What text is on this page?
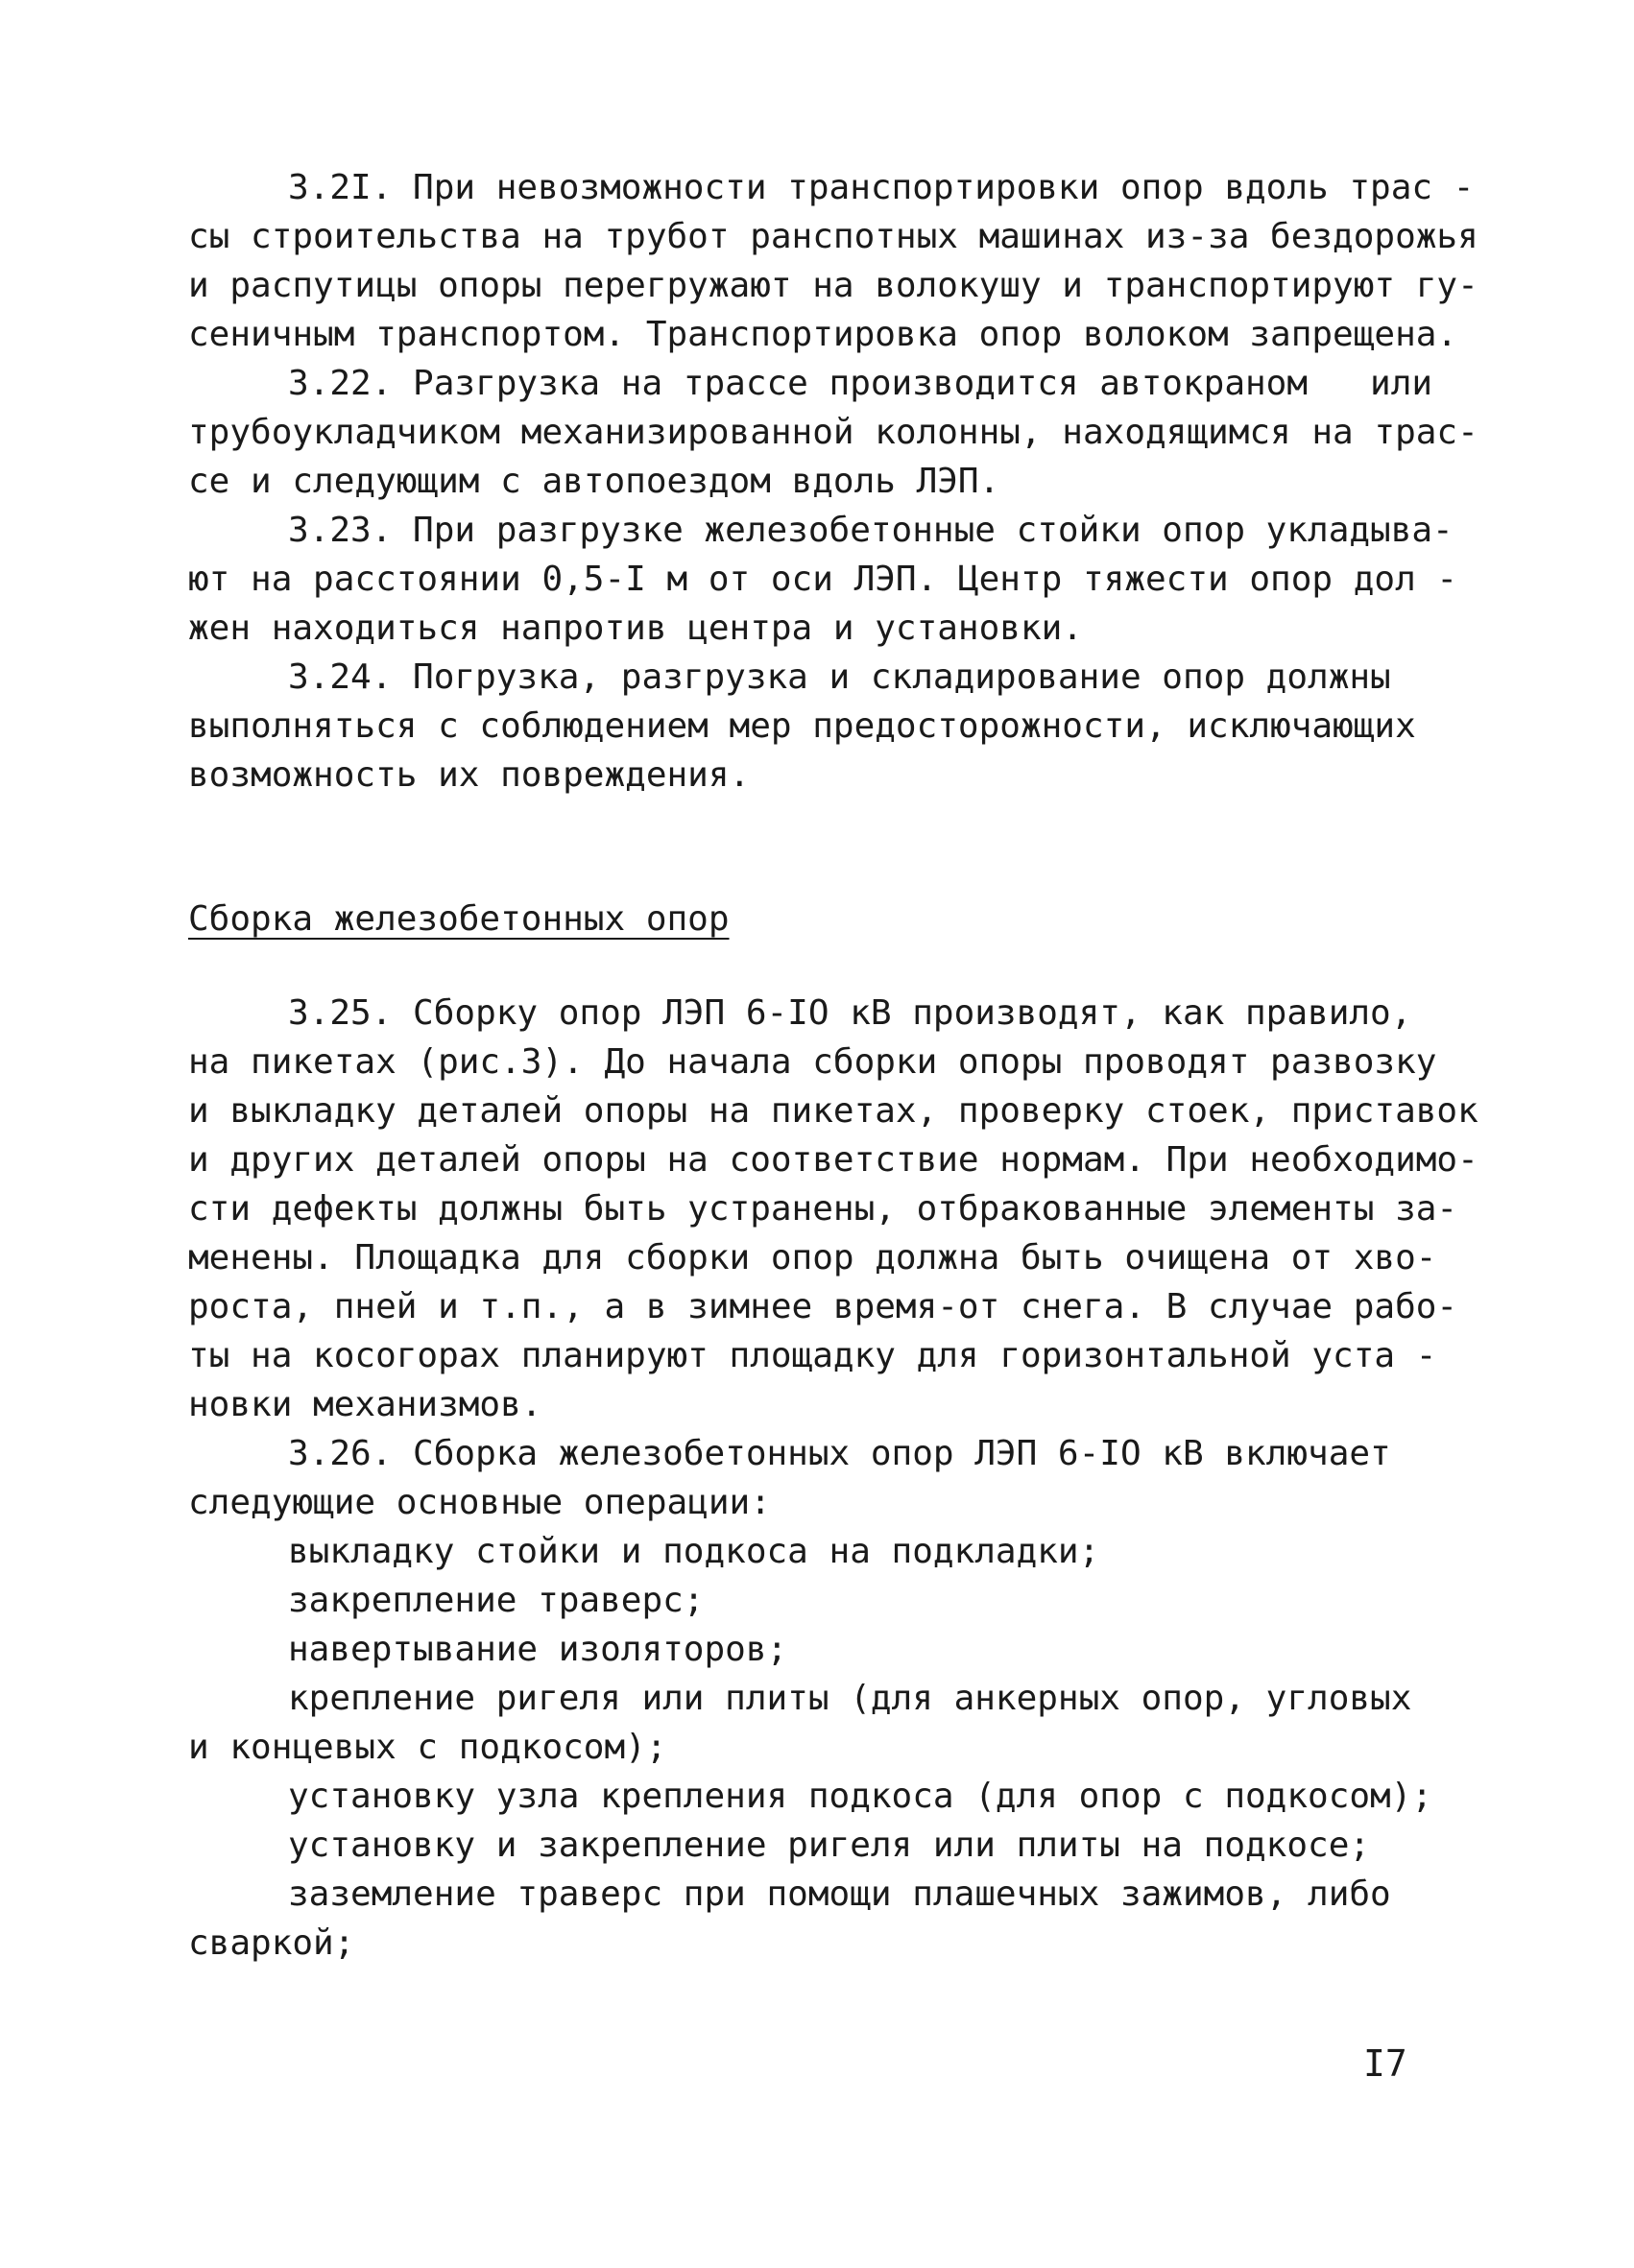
3.2I. При невозможности транспортировки опор вдоль трас -
сы строительства на трубот ранспотных машинах из-за бездорожья
и распутицы опоры перегружают на волокушу и транспортируют гу-
сеничным транспортом. Транспортировка опор волоком запрещена.
3.22. Разгрузка на трассе производится автокраном   или
трубоукладчиком механизированной колонны, находящимся на трас-
се и следующим с автопоездом вдоль ЛЭП.
3.23. При разгрузке железобетонные стойки опор укладыва-
ют на расстоянии 0,5-I м от оси ЛЭП. Центр тяжести опор дол -
жен находиться напротив центра и установки.
3.24. Погрузка, разгрузка и складирование опор должны
выполняться с соблюдением мер предосторожности, исключающих
возможность их повреждения.
Сборка железобетонных опор
3.25. Сборку опор ЛЭП 6-IO кВ производят, как правило,
на пикетах (рис.3). До начала сборки опоры проводят развозку
и выкладку деталей опоры на пикетах, проверку стоек, приставок
и других деталей опоры на соответствие нормам. При необходимо-
сти дефекты должны быть устранены, отбракованные элементы за-
менены. Площадка для сборки опор должна быть очищена от хво-
роста, пней и т.п., а в зимнее время-от снега. В случае рабо-
ты на косогорах планируют площадку для горизонтальной уста -
новки механизмов.
3.26. Сборка железобетонных опор ЛЭП 6-IO кВ включает
следующие основные операции:
выкладку стойки и подкоса на подкладки;
закрепление траверс;
навертывание изоляторов;
крепление ригеля или плиты (для анкерных опор, угловых
и концевых с подкосом);
установку узла крепления подкоса (для опор с подкосом);
установку и закрепление ригеля или плиты на подкосе;
заземление траверс при помощи плашечных зажимов, либо
сваркой;
I7
